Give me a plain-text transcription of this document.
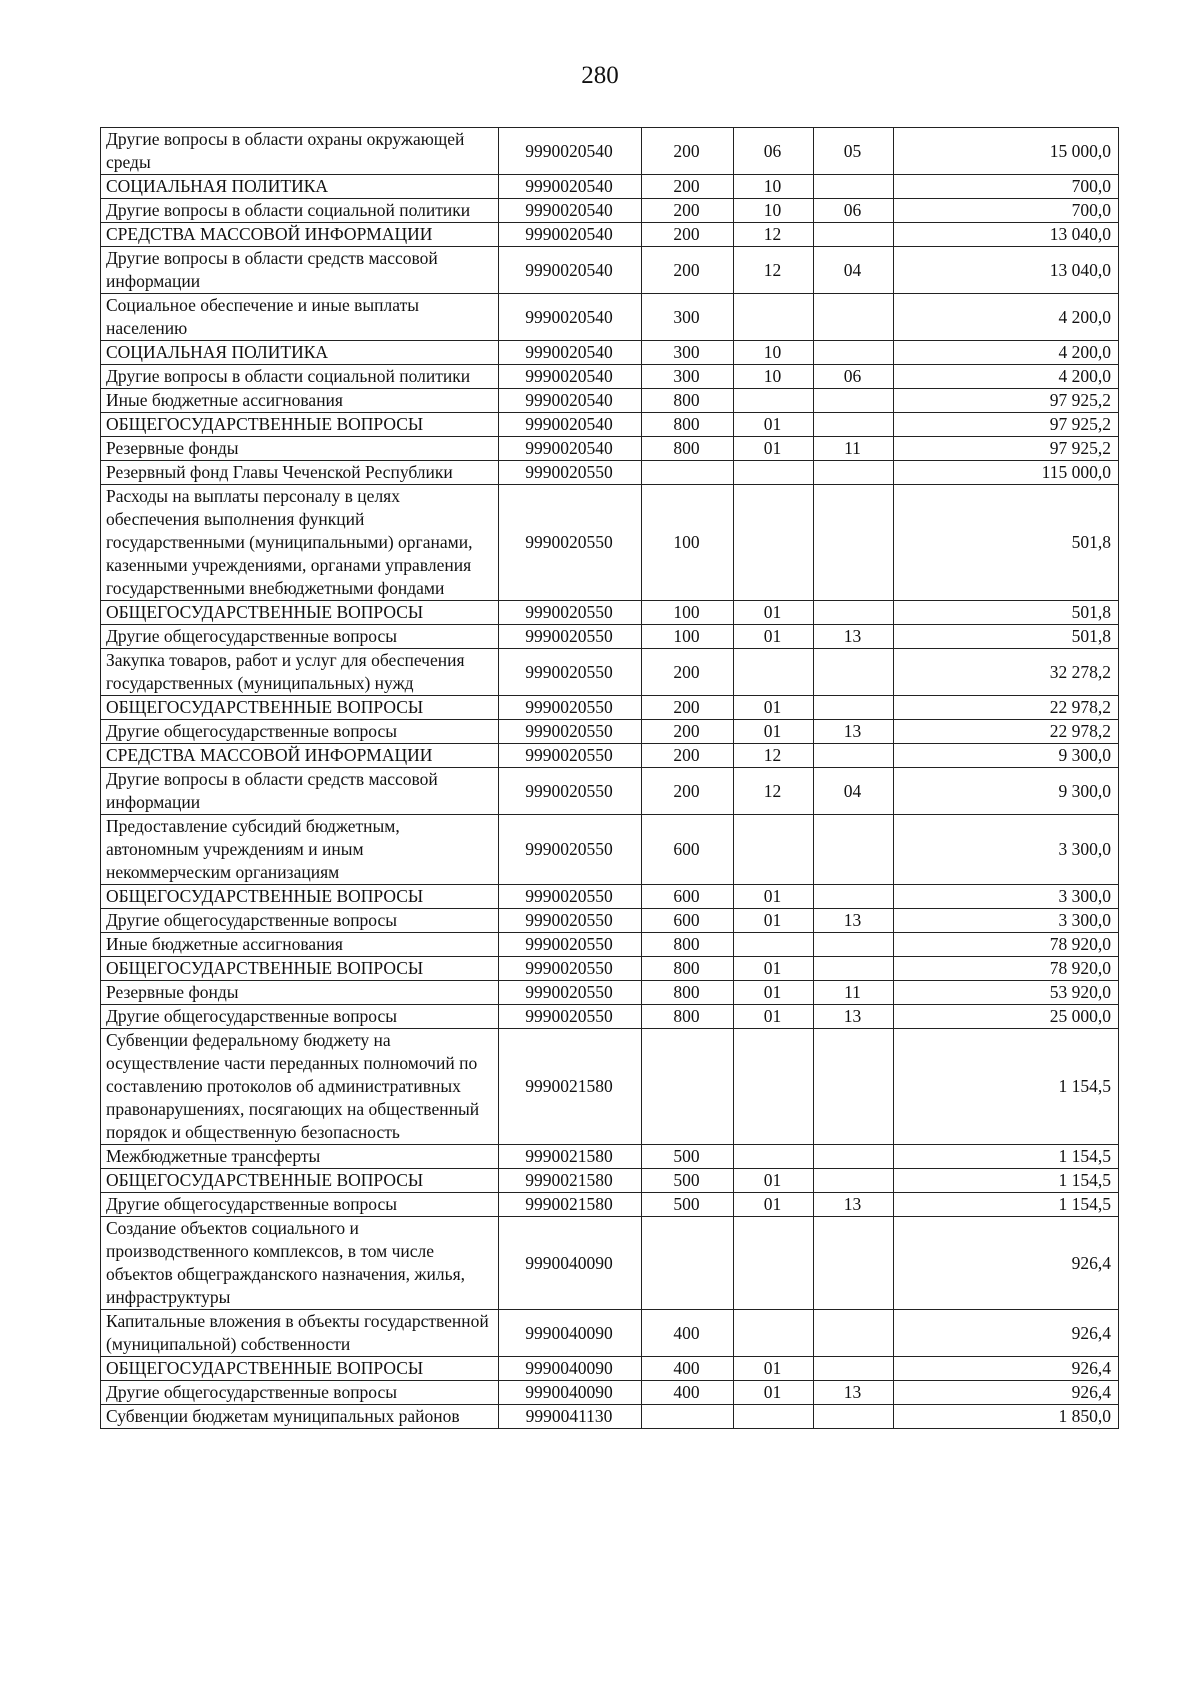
280
Другие вопросы в области охраны окружающей среды	9990020540	200	06	05	15 000,0
СОЦИАЛЬНАЯ ПОЛИТИКА	9990020540	200	10		700,0
Другие вопросы в области социальной политики	9990020540	200	10	06	700,0
СРЕДСТВА МАССОВОЙ ИНФОРМАЦИИ	9990020540	200	12		13 040,0
Другие вопросы в области средств массовой информации	9990020540	200	12	04	13 040,0
Социальное обеспечение и иные выплаты населению	9990020540	300			4 200,0
СОЦИАЛЬНАЯ ПОЛИТИКА	9990020540	300	10		4 200,0
Другие вопросы в области социальной политики	9990020540	300	10	06	4 200,0
Иные бюджетные ассигнования	9990020540	800			97 925,2
ОБЩЕГОСУДАРСТВЕННЫЕ ВОПРОСЫ	9990020540	800	01		97 925,2
Резервные фонды	9990020540	800	01	11	97 925,2
Резервный фонд Главы Чеченской Республики	9990020550				115 000,0
Расходы на выплаты персоналу в целях обеспечения выполнения функций государственными (муниципальными) органами, казенными учреждениями, органами управления государственными внебюджетными фондами	9990020550	100			501,8
ОБЩЕГОСУДАРСТВЕННЫЕ ВОПРОСЫ	9990020550	100	01		501,8
Другие общегосударственные вопросы	9990020550	100	01	13	501,8
Закупка товаров, работ и услуг для обеспечения государственных (муниципальных) нужд	9990020550	200			32 278,2
ОБЩЕГОСУДАРСТВЕННЫЕ ВОПРОСЫ	9990020550	200	01		22 978,2
Другие общегосударственные вопросы	9990020550	200	01	13	22 978,2
СРЕДСТВА МАССОВОЙ ИНФОРМАЦИИ	9990020550	200	12		9 300,0
Другие вопросы в области средств массовой информации	9990020550	200	12	04	9 300,0
Предоставление субсидий бюджетным, автономным учреждениям и иным некоммерческим организациям	9990020550	600			3 300,0
ОБЩЕГОСУДАРСТВЕННЫЕ ВОПРОСЫ	9990020550	600	01		3 300,0
Другие общегосударственные вопросы	9990020550	600	01	13	3 300,0
Иные бюджетные ассигнования	9990020550	800			78 920,0
ОБЩЕГОСУДАРСТВЕННЫЕ ВОПРОСЫ	9990020550	800	01		78 920,0
Резервные фонды	9990020550	800	01	11	53 920,0
Другие общегосударственные вопросы	9990020550	800	01	13	25 000,0
Субвенции федеральному бюджету на осуществление части переданных полномочий по составлению протоколов об административных правонарушениях, посягающих на общественный порядок и общественную безопасность	9990021580				1 154,5
Межбюджетные трансферты	9990021580	500			1 154,5
ОБЩЕГОСУДАРСТВЕННЫЕ ВОПРОСЫ	9990021580	500	01		1 154,5
Другие общегосударственные вопросы	9990021580	500	01	13	1 154,5
Создание объектов социального и производственного комплексов, в том числе объектов общегражданского назначения, жилья, инфраструктуры	9990040090				926,4
Капитальные вложения в объекты государственной (муниципальной) собственности	9990040090	400			926,4
ОБЩЕГОСУДАРСТВЕННЫЕ ВОПРОСЫ	9990040090	400	01		926,4
Другие общегосударственные вопросы	9990040090	400	01	13	926,4
Субвенции бюджетам муниципальных районов	9990041130				1 850,0
